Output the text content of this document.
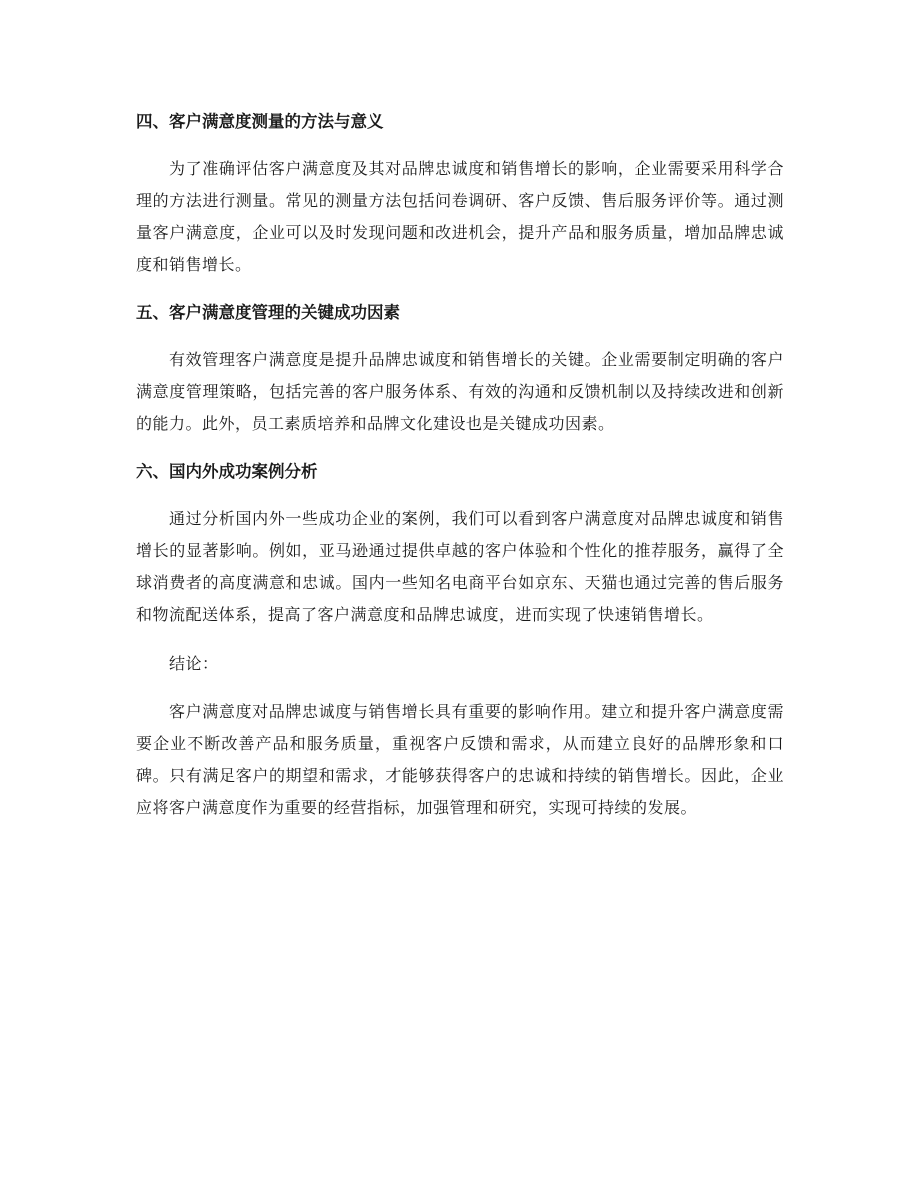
四、客户满意度测量的方法与意义

为了准确评估客户满意度及其对品牌忠诚度和销售增长的影响，企业需要采用科学合理的方法进行测量。常见的测量方法包括问卷调研、客户反馈、售后服务评价等。通过测量客户满意度，企业可以及时发现问题和改进机会，提升产品和服务质量，增加品牌忠诚度和销售增长。

五、客户满意度管理的关键成功因素

有效管理客户满意度是提升品牌忠诚度和销售增长的关键。企业需要制定明确的客户满意度管理策略，包括完善的客户服务体系、有效的沟通和反馈机制以及持续改进和创新的能力。此外，员工素质培养和品牌文化建设也是关键成功因素。

六、国内外成功案例分析

通过分析国内外一些成功企业的案例，我们可以看到客户满意度对品牌忠诚度和销售增长的显著影响。例如，亚马逊通过提供卓越的客户体验和个性化的推荐服务，赢得了全球消费者的高度满意和忠诚。国内一些知名电商平台如京东、天猫也通过完善的售后服务和物流配送体系，提高了客户满意度和品牌忠诚度，进而实现了快速销售增长。

结论：

客户满意度对品牌忠诚度与销售增长具有重要的影响作用。建立和提升客户满意度需要企业不断改善产品和服务质量，重视客户反馈和需求，从而建立良好的品牌形象和口碑。只有满足客户的期望和需求，才能够获得客户的忠诚和持续的销售增长。因此，企业应将客户满意度作为重要的经营指标，加强管理和研究，实现可持续的发展。
